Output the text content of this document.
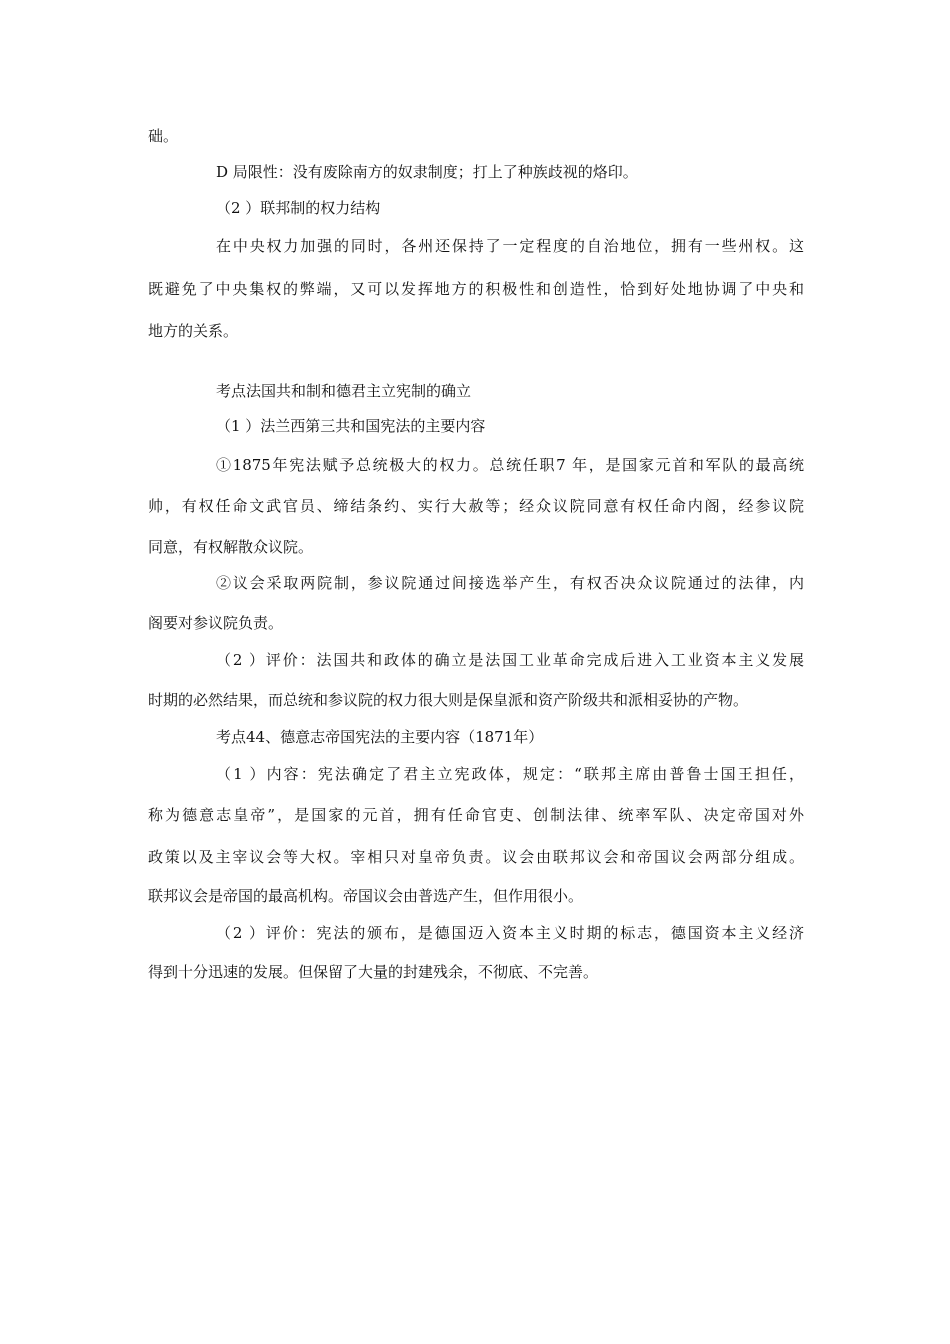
础。

D 局限性：没有废除南方的奴隶制度；打上了种族歧视的烙印。

（2 ）联邦制的权力结构

在中央权力加强的同时，各州还保持了一定程度的自治地位，拥有一些州权。这

既避免了中央集权的弊端，又可以发挥地方的积极性和创造性，恰到好处地协调了中央和

地方的关系。

考点法国共和制和德君主立宪制的确立

（1 ）法兰西第三共和国宪法的主要内容

①1875年宪法赋予总统极大的权力。总统任职7 年，是国家元首和军队的最高统

帅，有权任命文武官员、缔结条约、实行大赦等；经众议院同意有权任命内阁，经参议院

同意，有权解散众议院。

②议会采取两院制，参议院通过间接选举产生，有权否决众议院通过的法律，内

阁要对参议院负责。

（2 ）评价：法国共和政体的确立是法国工业革命完成后进入工业资本主义发展

时期的必然结果，而总统和参议院的权力很大则是保皇派和资产阶级共和派相妥协的产物。

考点44、德意志帝国宪法的主要内容（1871年）

（1 ）内容：宪法确定了君主立宪政体，规定：“联邦主席由普鲁士国王担任，

称为德意志皇帝”，是国家的元首，拥有任命官吏、创制法律、统率军队、决定帝国对外

政策以及主宰议会等大权。宰相只对皇帝负责。议会由联邦议会和帝国议会两部分组成。

联邦议会是帝国的最高机构。帝国议会由普选产生，但作用很小。

（2 ）评价：宪法的颁布，是德国迈入资本主义时期的标志，德国资本主义经济

得到十分迅速的发展。但保留了大量的封建残余，不彻底、不完善。
